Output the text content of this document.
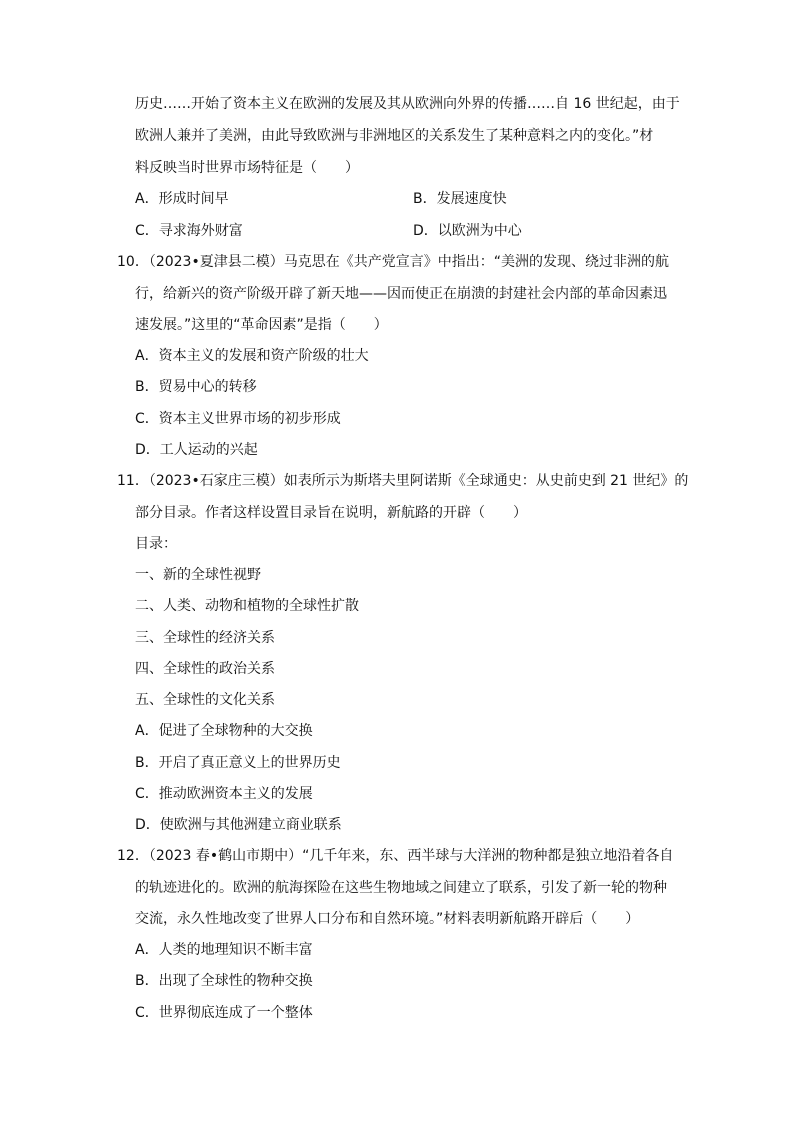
历史……开始了资本主义在欧洲的发展及其从欧洲向外界的传播……自 16 世纪起，由于
欧洲人兼并了美洲，由此导致欧洲与非洲地区的关系发生了某种意料之内的变化。”材
料反映当时世界市场特征是（　　）
A．形成时间早	B．发展速度快
C．寻求海外财富	D．以欧洲为中心
10．（2023•夏津县二模）马克思在《共产党宣言》中指出：“美洲的发现、绕过非洲的航
行，给新兴的资产阶级开辟了新天地——因而使正在崩溃的封建社会内部的革命因素迅
速发展。”这里的“革命因素”是指（　　）
A．资本主义的发展和资产阶级的壮大
B．贸易中心的转移
C．资本主义世界市场的初步形成
D．工人运动的兴起
11．（2023•石家庄三模）如表所示为斯塔夫里阿诺斯《全球通史：从史前史到 21 世纪》的
部分目录。作者这样设置目录旨在说明，新航路的开辟（　　）
目录：
一、新的全球性视野
二、人类、动物和植物的全球性扩散
三、全球性的经济关系
四、全球性的政治关系
五、全球性的文化关系
A．促进了全球物种的大交换
B．开启了真正意义上的世界历史
C．推动欧洲资本主义的发展
D．使欧洲与其他洲建立商业联系
12．（2023 春•鹤山市期中）“几千年来，东、西半球与大洋洲的物种都是独立地沿着各自
的轨迹进化的。欧洲的航海探险在这些生物地域之间建立了联系，引发了新一轮的物种
交流，永久性地改变了世界人口分布和自然环境。”材料表明新航路开辟后（　　）
A．人类的地理知识不断丰富
B．出现了全球性的物种交换
C．世界彻底连成了一个整体
